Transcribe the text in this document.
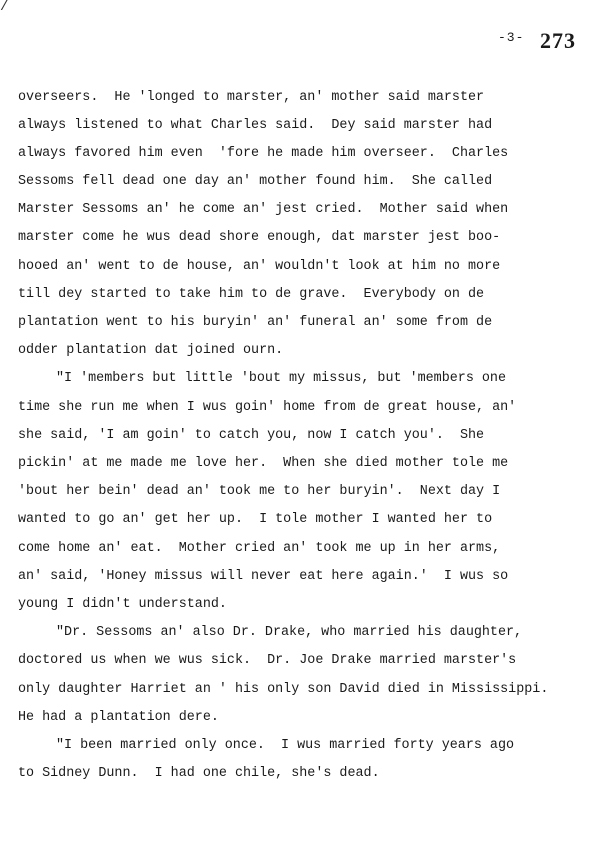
/
-3- 273
overseers.  He 'longed to marster, an' mother said marster
always listened to what Charles said.  Dey said marster had
always favored him even  'fore he made him overseer.  Charles
Sessoms fell dead one day an' mother found him.  She called
Marster Sessoms an' he come an' jest cried.  Mother said when
marster come he wus dead shore enough, dat marster jest boo-
hooed an' went to de house, an' wouldn't look at him no more
till dey started to take him to de grave.  Everybody on de
plantation went to his buryin' an' funeral an' some from de
odder plantation dat joined ourn.
"I 'members but little 'bout my missus, but 'members one
time she run me when I wus goin' home from de great house, an'
she said, 'I am goin' to catch you, now I catch you'.  She
pickin' at me made me love her.  When she died mother tole me
'bout her bein' dead an' took me to her buryin'.  Next day I
wanted to go an' get her up.  I tole mother I wanted her to
come home an' eat.  Mother cried an' took me up in her arms,
an' said, 'Honey missus will never eat here again.'  I wus so
young I didn't understand.
"Dr. Sessoms an' also Dr. Drake, who married his daughter,
doctored us when we wus sick.  Dr. Joe Drake married marster's
only daughter Harriet an ' his only son David died in Mississippi.
He had a plantation dere.
"I been married only once.  I wus married forty years ago
to Sidney Dunn.  I had one chile, she's dead.
